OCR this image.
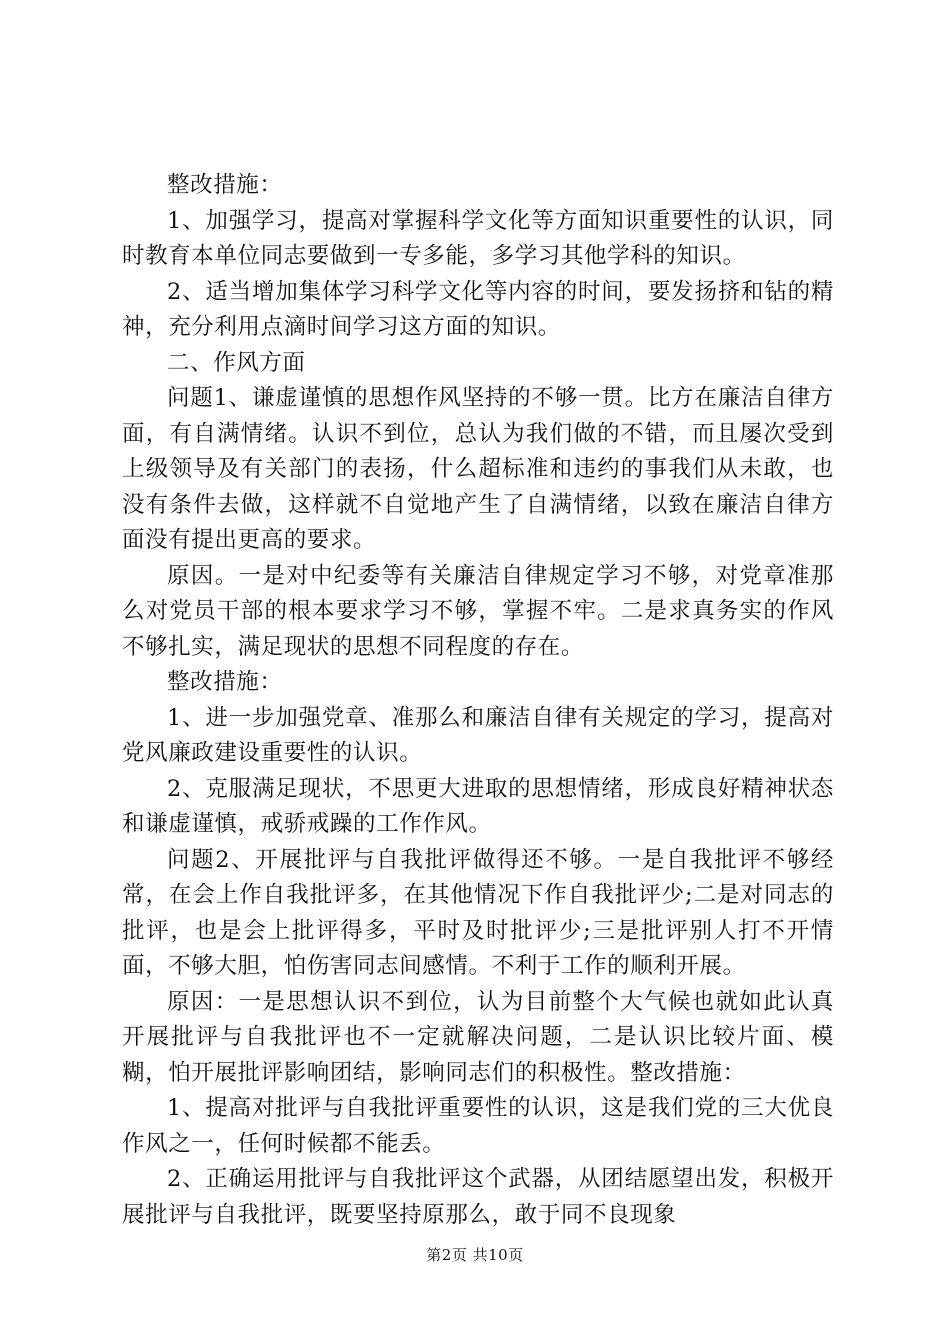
整改措施：

1、加强学习，提高对掌握科学文化等方面知识重要性的认识，同时教育本单位同志要做到一专多能，多学习其他学科的知识。

2、适当增加集体学习科学文化等内容的时间，要发扬挤和钻的精神，充分利用点滴时间学习这方面的知识。

二、作风方面

问题1、谦虚谨慎的思想作风坚持的不够一贯。比方在廉洁自律方面，有自满情绪。认识不到位，总认为我们做的不错，而且屡次受到上级领导及有关部门的表扬，什么超标准和违约的事我们从未敢，也没有条件去做，这样就不自觉地产生了自满情绪，以致在廉洁自律方面没有提出更高的要求。

原因。一是对中纪委等有关廉洁自律规定学习不够，对党章准那么对党员干部的根本要求学习不够，掌握不牢。二是求真务实的作风不够扎实，满足现状的思想不同程度的存在。

整改措施：

1、进一步加强党章、准那么和廉洁自律有关规定的学习，提高对党风廉政建设重要性的认识。

2、克服满足现状，不思更大进取的思想情绪，形成良好精神状态和谦虚谨慎，戒骄戒躁的工作作风。

问题2、开展批评与自我批评做得还不够。一是自我批评不够经常，在会上作自我批评多，在其他情况下作自我批评少;二是对同志的批评，也是会上批评得多，平时及时批评少;三是批评别人打不开情面，不够大胆，怕伤害同志间感情。不利于工作的顺利开展。

原因：一是思想认识不到位，认为目前整个大气候也就如此认真开展批评与自我批评也不一定就解决问题，二是认识比较片面、模糊，怕开展批评影响团结，影响同志们的积极性。整改措施：

1、提高对批评与自我批评重要性的认识，这是我们党的三大优良作风之一，任何时候都不能丢。

2、正确运用批评与自我批评这个武器，从团结愿望出发，积极开展批评与自我批评，既要坚持原那么，敢于同不良现象

第2页 共10页
